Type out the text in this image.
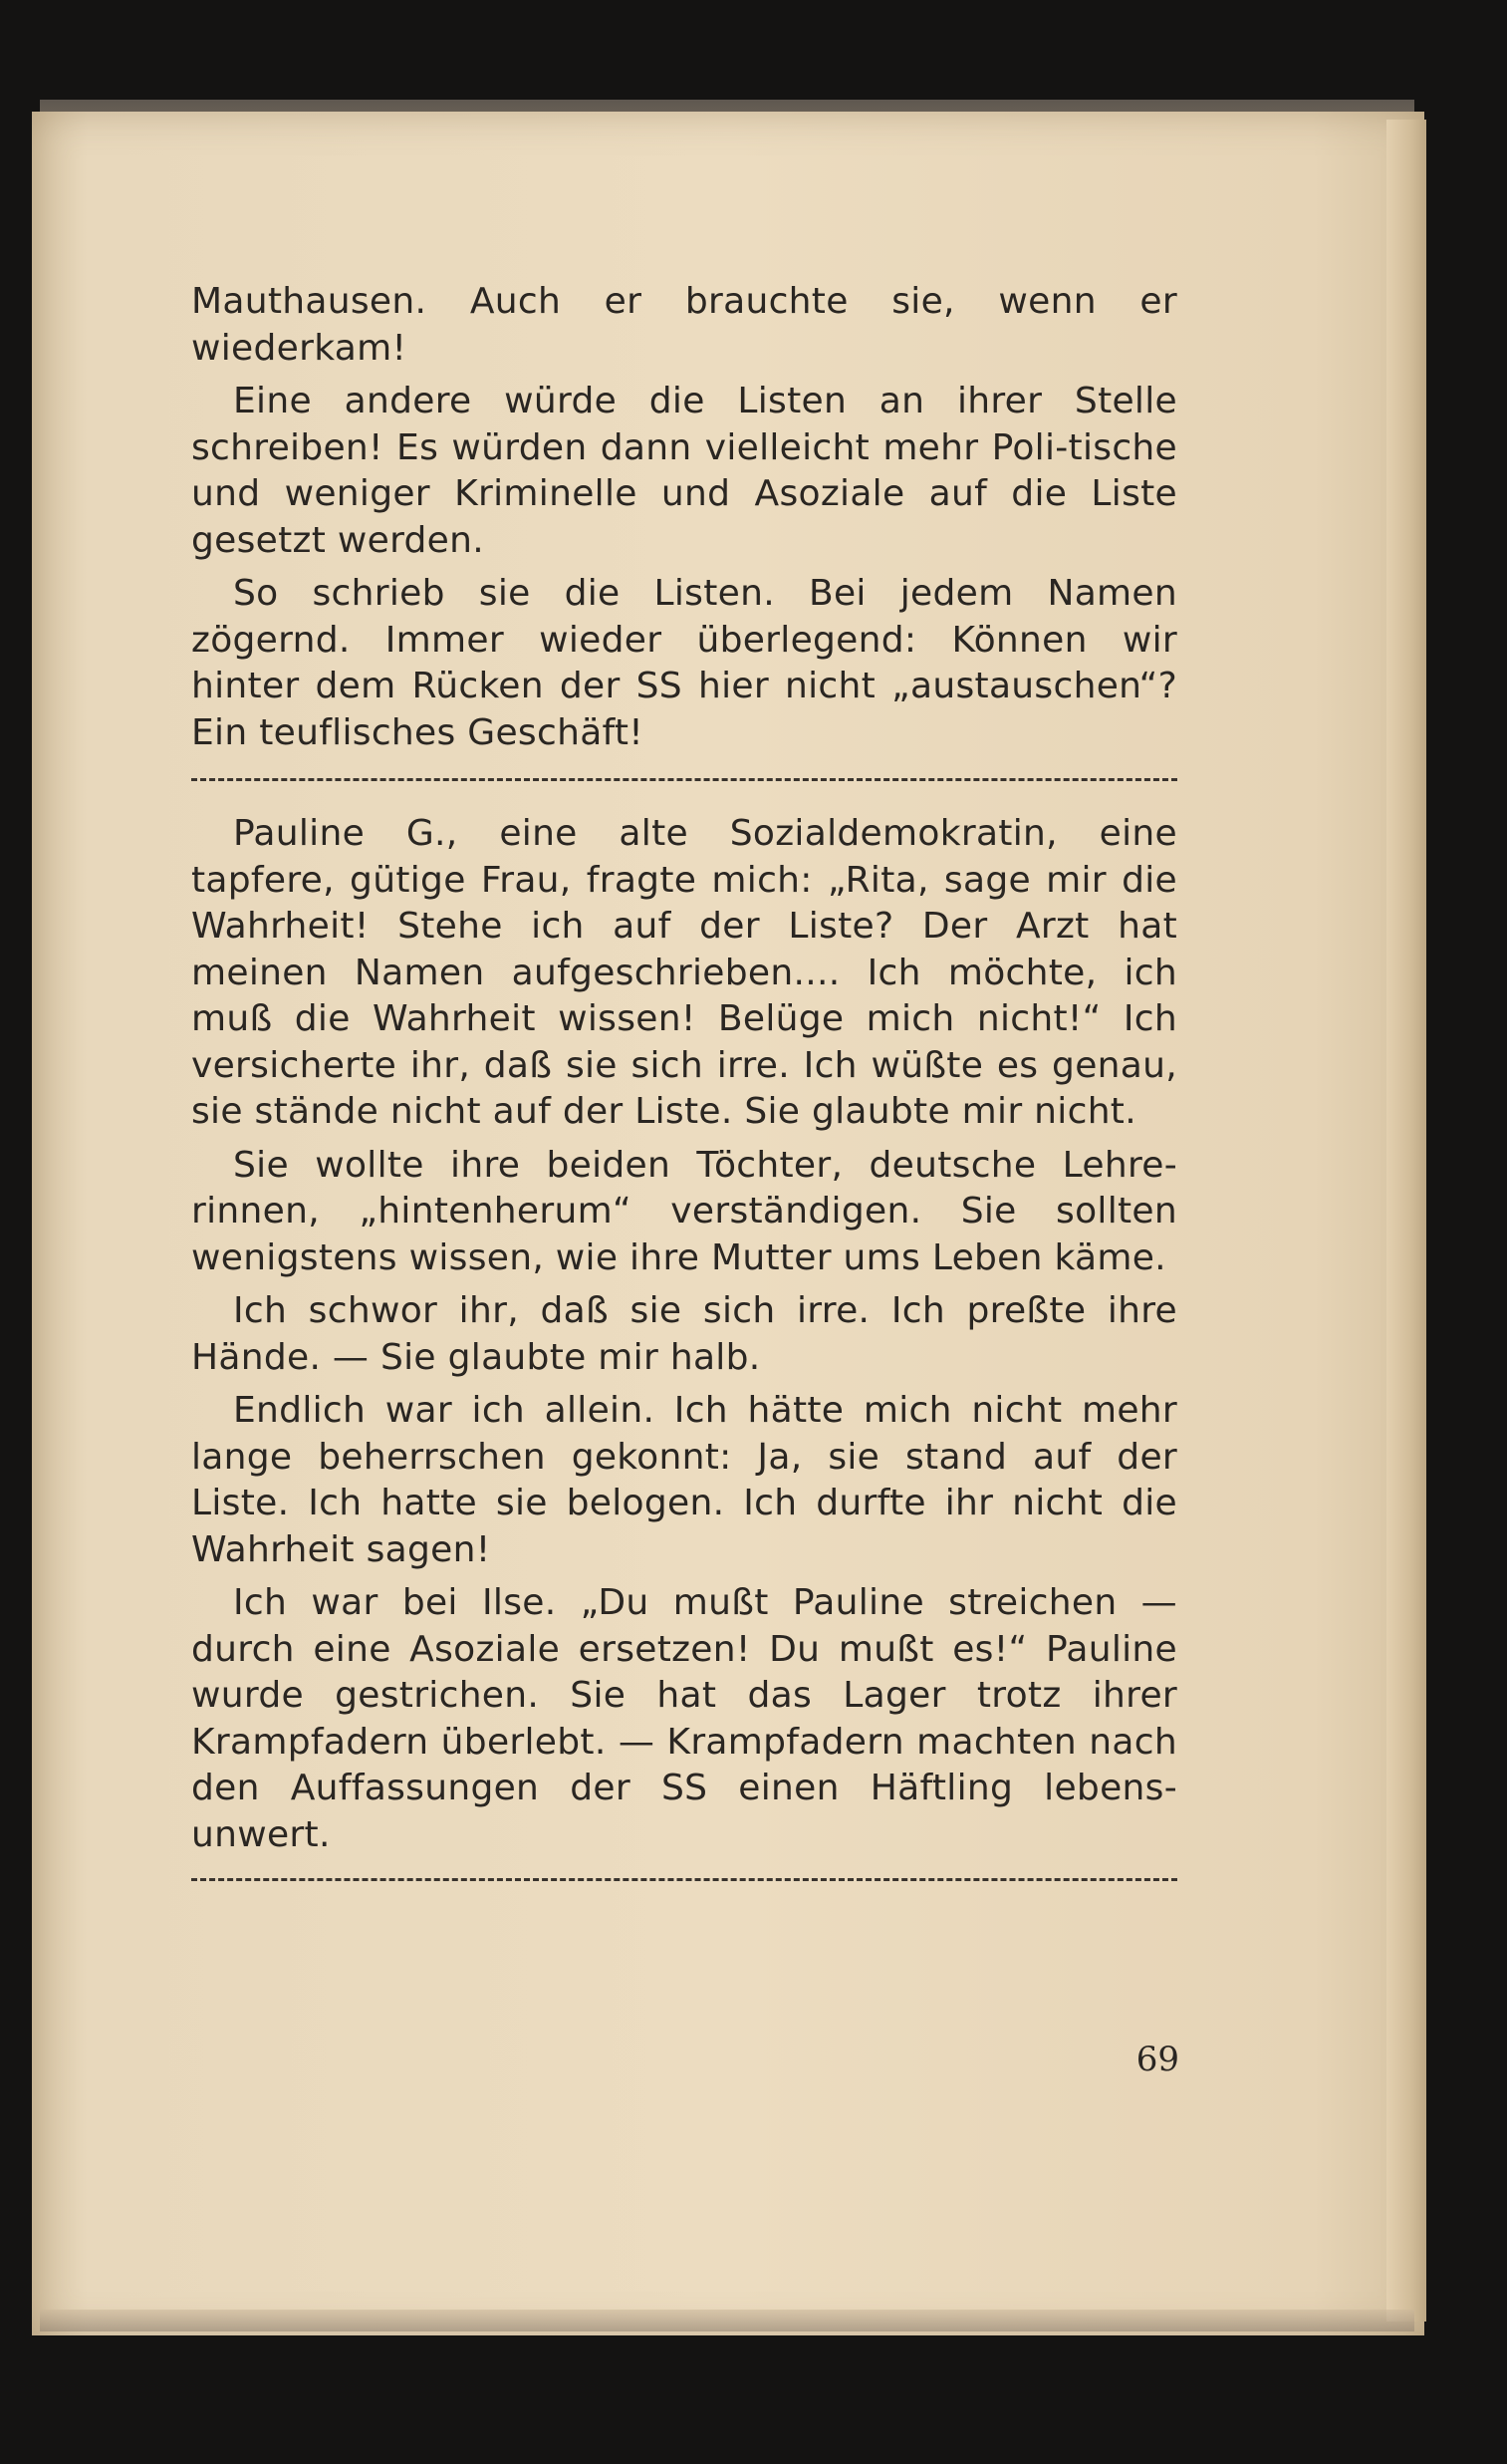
Mauthausen. Auch er brauchte sie, wenn er wiederkam!

Eine andere würde die Listen an ihrer Stelle schreiben! Es würden dann vielleicht mehr Poli-tische und weniger Kriminelle und Asoziale auf die Liste gesetzt werden.

So schrieb sie die Listen. Bei jedem Namen zögernd. Immer wieder überlegend: Können wir hinter dem Rücken der SS hier nicht „austauschen“? Ein teuflisches Geschäft!

Pauline G., eine alte Sozialdemokratin, eine tapfere, gütige Frau, fragte mich: „Rita, sage mir die Wahrheit! Stehe ich auf der Liste? Der Arzt hat meinen Namen aufgeschrieben.... Ich möchte, ich muß die Wahrheit wissen! Belüge mich nicht!“ Ich versicherte ihr, daß sie sich irre. Ich wüßte es genau, sie stände nicht auf der Liste. Sie glaubte mir nicht.

Sie wollte ihre beiden Töchter, deutsche Lehre-rinnen, „hintenherum“ verständigen. Sie sollten wenigstens wissen, wie ihre Mutter ums Leben käme.

Ich schwor ihr, daß sie sich irre. Ich preßte ihre Hände. — Sie glaubte mir halb.

Endlich war ich allein. Ich hätte mich nicht mehr lange beherrschen gekonnt: Ja, sie stand auf der Liste. Ich hatte sie belogen. Ich durfte ihr nicht die Wahrheit sagen!

Ich war bei Ilse. „Du mußt Pauline streichen — durch eine Asoziale ersetzen! Du mußt es!“ Pauline wurde gestrichen. Sie hat das Lager trotz ihrer Krampfadern überlebt. — Krampfadern machten nach den Auffassungen der SS einen Häftling lebens-unwert.

69
